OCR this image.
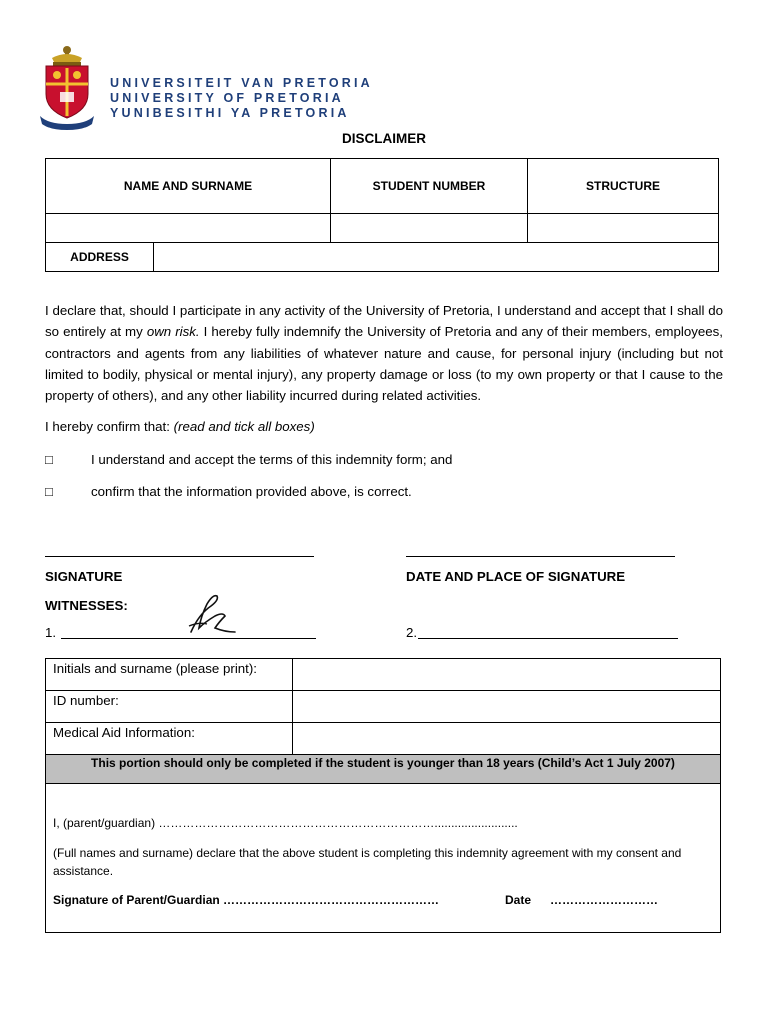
UNIVERSITEIT VAN PRETORIA
UNIVERSITY OF PRETORIA
YUNIBESITHI YA PRETORIA
DISCLAIMER
NAME AND SURNAME	STUDENT NUMBER	STRUCTURE

ADDRESS	
I declare that, should I participate in any activity of the University of Pretoria, I understand and accept that I shall do so entirely at my own risk. I hereby fully indemnify the University of Pretoria and any of their members, employees, contractors and agents from any liabilities of whatever nature and cause, for personal injury (including but not limited to bodily, physical or mental injury), any property damage or loss (to my own property or that I cause to the property of others), and any other liability incurred during related activities.
I hereby confirm that: (read and tick all boxes)
□	I understand and accept the terms of this indemnity form; and
□	confirm that the information provided above, is correct.
SIGNATURE	DATE AND PLACE OF SIGNATURE
WITNESSES:
1.	2.
Initials and surname (please print):
ID number:
Medical Aid Information:
This portion should only be completed if the student is younger than 18 years (Child’s Act 1 July 2007)
I, (parent/guardian) …………………………………………………………….........................
(Full names and surname) declare that the above student is completing this indemnity agreement with my consent and assistance.
Signature of Parent/Guardian ………………………………………………	Date ………………………
